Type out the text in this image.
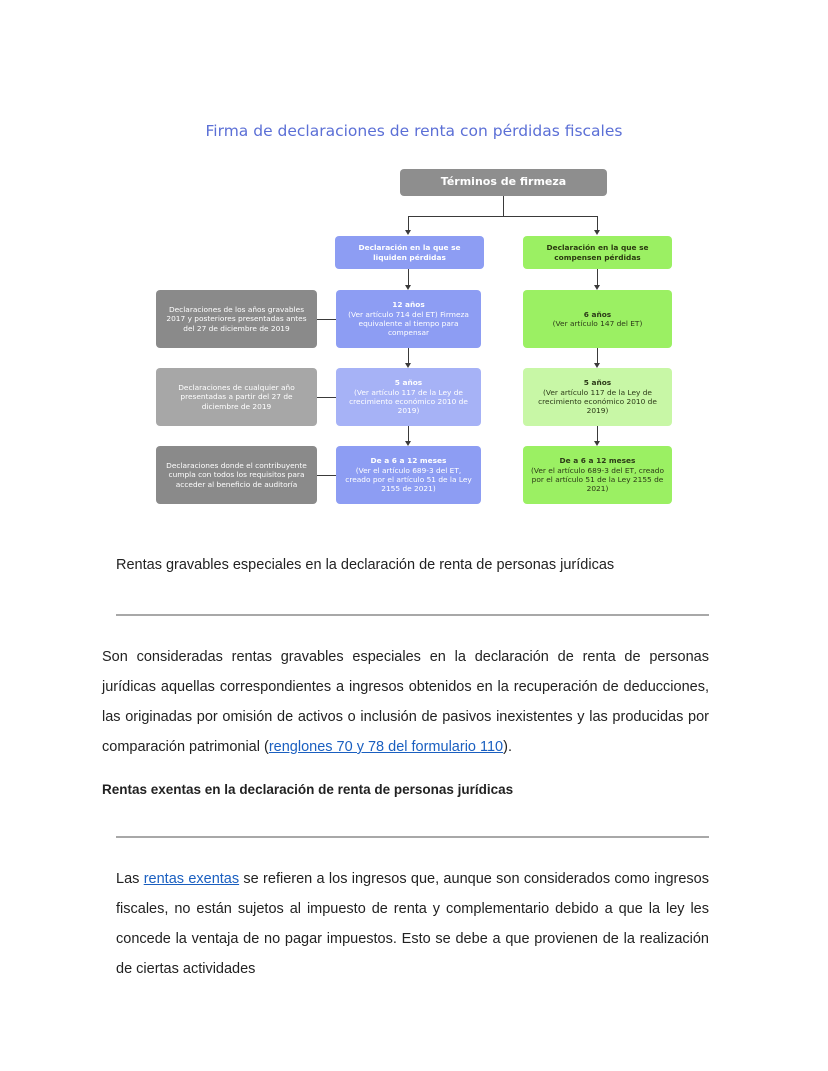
Firma de declaraciones de renta con pérdidas fiscales
Términos de firmeza
Declaración en la que se liquiden pérdidas
Declaración en la que se compensen pérdidas
Declaraciones de los años gravables 2017 y posteriores presentadas antes del 27 de diciembre de 2019
12 años
(Ver artículo 714 del ET) Firmeza equivalente al tiempo para compensar
6 años
(Ver artículo 147 del ET)
Declaraciones de cualquier año presentadas a partir del 27 de diciembre de 2019
5 años
(Ver artículo 117 de la Ley de crecimiento económico 2010 de 2019)
5 años
(Ver artículo 117 de la Ley de crecimiento económico 2010 de 2019)
Declaraciones donde el contribuyente cumpla con todos los requisitos para acceder al beneficio de auditoría
De a 6 a 12 meses
(Ver el artículo 689-3 del ET, creado por el artículo 51 de la Ley 2155 de 2021)
De a 6 a 12 meses
(Ver el artículo 689-3 del ET, creado por el artículo 51 de la Ley 2155 de 2021)
Rentas gravables especiales en la declaración de renta de personas jurídicas
Son consideradas rentas gravables especiales en la declaración de renta de personas jurídicas aquellas correspondientes a ingresos obtenidos en la recuperación de deducciones, las originadas por omisión de activos o inclusión de pasivos inexistentes y las producidas por comparación patrimonial (renglones 70 y 78 del formulario 110).
Rentas exentas en la declaración de renta de personas jurídicas
Las rentas exentas se refieren a los ingresos que, aunque son considerados como ingresos fiscales, no están sujetos al impuesto de renta y complementario debido a que la ley les concede la ventaja de no pagar impuestos. Esto se debe a que provienen de la realización de ciertas actividades
